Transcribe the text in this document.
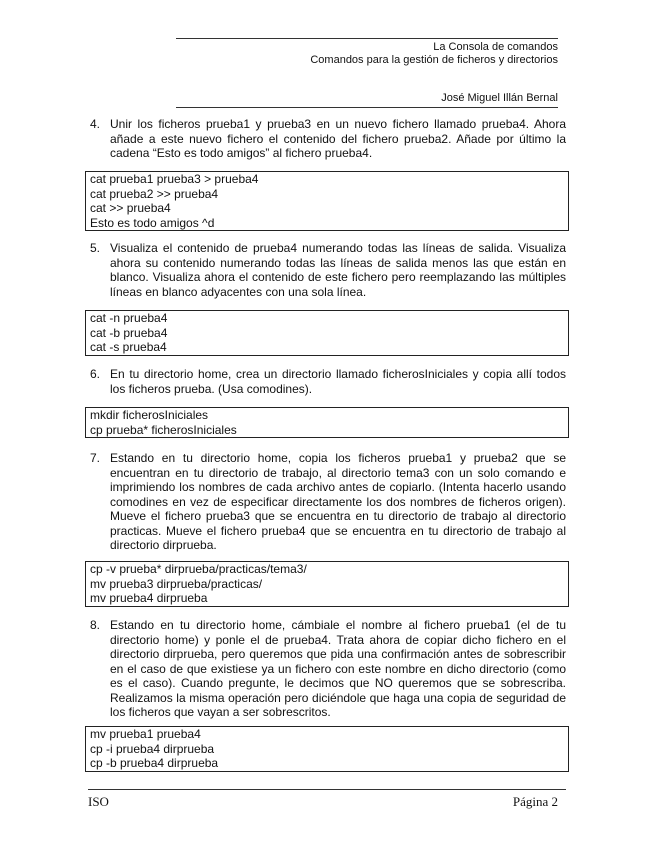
La Consola de comandos
Comandos para la gestión de ficheros y directorios
José Miguel Illán Bernal
4. Unir los ficheros prueba1 y prueba3 en un nuevo fichero llamado prueba4. Ahora añade a este nuevo fichero el contenido del fichero prueba2. Añade por último la cadena “Esto es todo amigos” al fichero prueba4.
cat prueba1 prueba3 > prueba4
cat prueba2 >> prueba4
cat >> prueba4
Esto es todo amigos ^d
5. Visualiza el contenido de prueba4 numerando todas las líneas de salida. Visualiza ahora su contenido numerando todas las líneas de salida menos las que están en blanco. Visualiza ahora el contenido de este fichero pero reemplazando las múltiples líneas en blanco adyacentes con una sola línea.
cat -n prueba4
cat -b prueba4
cat -s prueba4
6. En tu directorio home, crea un directorio llamado ficherosIniciales y copia allí todos los ficheros prueba. (Usa comodines).
mkdir ficherosIniciales
cp prueba* ficherosIniciales
7. Estando en tu directorio home, copia los ficheros prueba1 y prueba2 que se encuentran en tu directorio de trabajo, al directorio tema3 con un solo comando e imprimiendo los nombres de cada archivo antes de copiarlo. (Intenta hacerlo usando comodines en vez de especificar directamente los dos nombres de ficheros origen). Mueve el fichero prueba3 que se encuentra en tu directorio de trabajo al directorio practicas. Mueve el fichero prueba4 que se encuentra en tu directorio de trabajo al directorio dirprueba.
cp -v prueba* dirprueba/practicas/tema3/
mv prueba3 dirprueba/practicas/
mv prueba4 dirprueba
8. Estando en tu directorio home, cámbiale el nombre al fichero prueba1 (el de tu directorio home) y ponle el de prueba4. Trata ahora de copiar dicho fichero en el directorio dirprueba, pero queremos que pida una confirmación antes de sobrescribir en el caso de que existiese ya un fichero con este nombre en dicho directorio (como es el caso). Cuando pregunte, le decimos que NO queremos que se sobrescriba. Realizamos la misma operación pero diciéndole que haga una copia de seguridad de los ficheros que vayan a ser sobrescritos.
mv prueba1 prueba4
cp -i prueba4 dirprueba
cp -b prueba4 dirprueba
ISO	Página 2
